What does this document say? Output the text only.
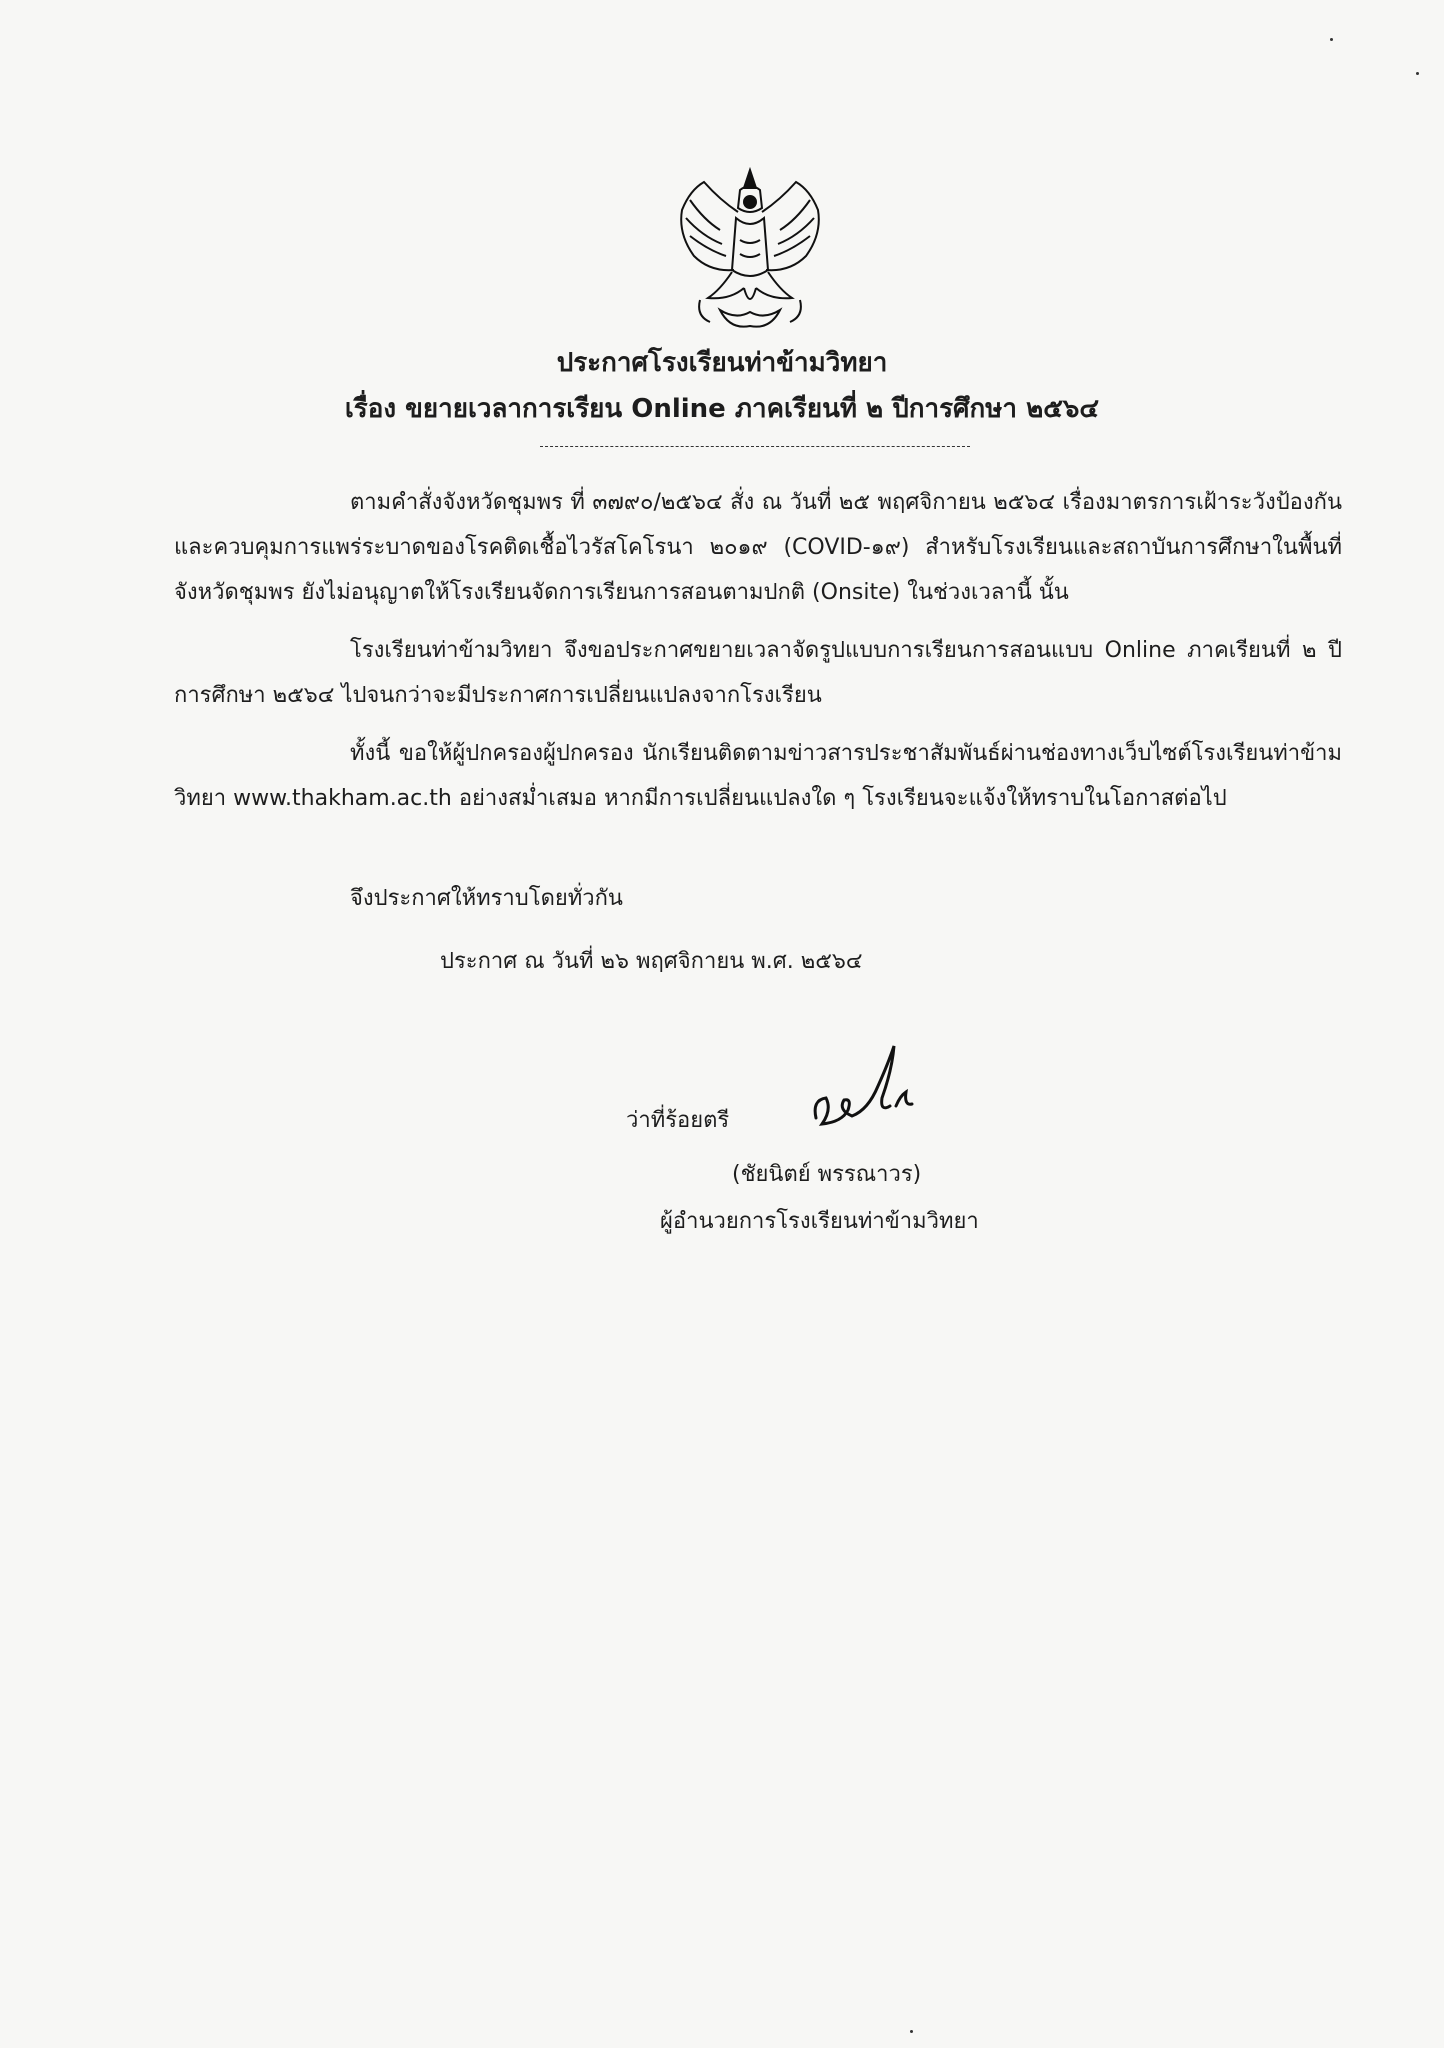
ประกาศโรงเรียนท่าข้ามวิทยา
เรื่อง ขยายเวลาการเรียน Online ภาคเรียนที่ ๒ ปีการศึกษา ๒๕๖๔

ตามคำสั่งจังหวัดชุมพร ที่ ๓๗๙๐/๒๕๖๔ สั่ง ณ วันที่ ๒๕ พฤศจิกายน ๒๕๖๔ เรื่องมาตรการเฝ้าระวังป้องกัน และควบคุมการแพร่ระบาดของโรคติดเชื้อไวรัสโคโรนา ๒๐๑๙ (COVID-๑๙) สำหรับโรงเรียนและสถาบันการศึกษาในพื้นที่จังหวัดชุมพร ยังไม่อนุญาตให้โรงเรียนจัดการเรียนการสอนตามปกติ (Onsite) ในช่วงเวลานี้ นั้น

โรงเรียนท่าข้ามวิทยา จึงขอประกาศขยายเวลาจัดรูปแบบการเรียนการสอนแบบ Online ภาคเรียนที่ ๒ ปีการศึกษา ๒๕๖๔ ไปจนกว่าจะมีประกาศการเปลี่ยนแปลงจากโรงเรียน

ทั้งนี้ ขอให้ผู้ปกครองผู้ปกครอง นักเรียนติดตามข่าวสารประชาสัมพันธ์ผ่านช่องทางเว็บไซต์โรงเรียนท่าข้ามวิทยา www.thakham.ac.th อย่างสม่ำเสมอ หากมีการเปลี่ยนแปลงใด ๆ โรงเรียนจะแจ้งให้ทราบในโอกาสต่อไป

จึงประกาศให้ทราบโดยทั่วกัน
ประกาศ ณ วันที่ ๒๖ พฤศจิกายน พ.ศ. ๒๕๖๔
ว่าที่ร้อยตรี
(ชัยนิตย์ พรรณาวร)
ผู้อำนวยการโรงเรียนท่าข้ามวิทยา
